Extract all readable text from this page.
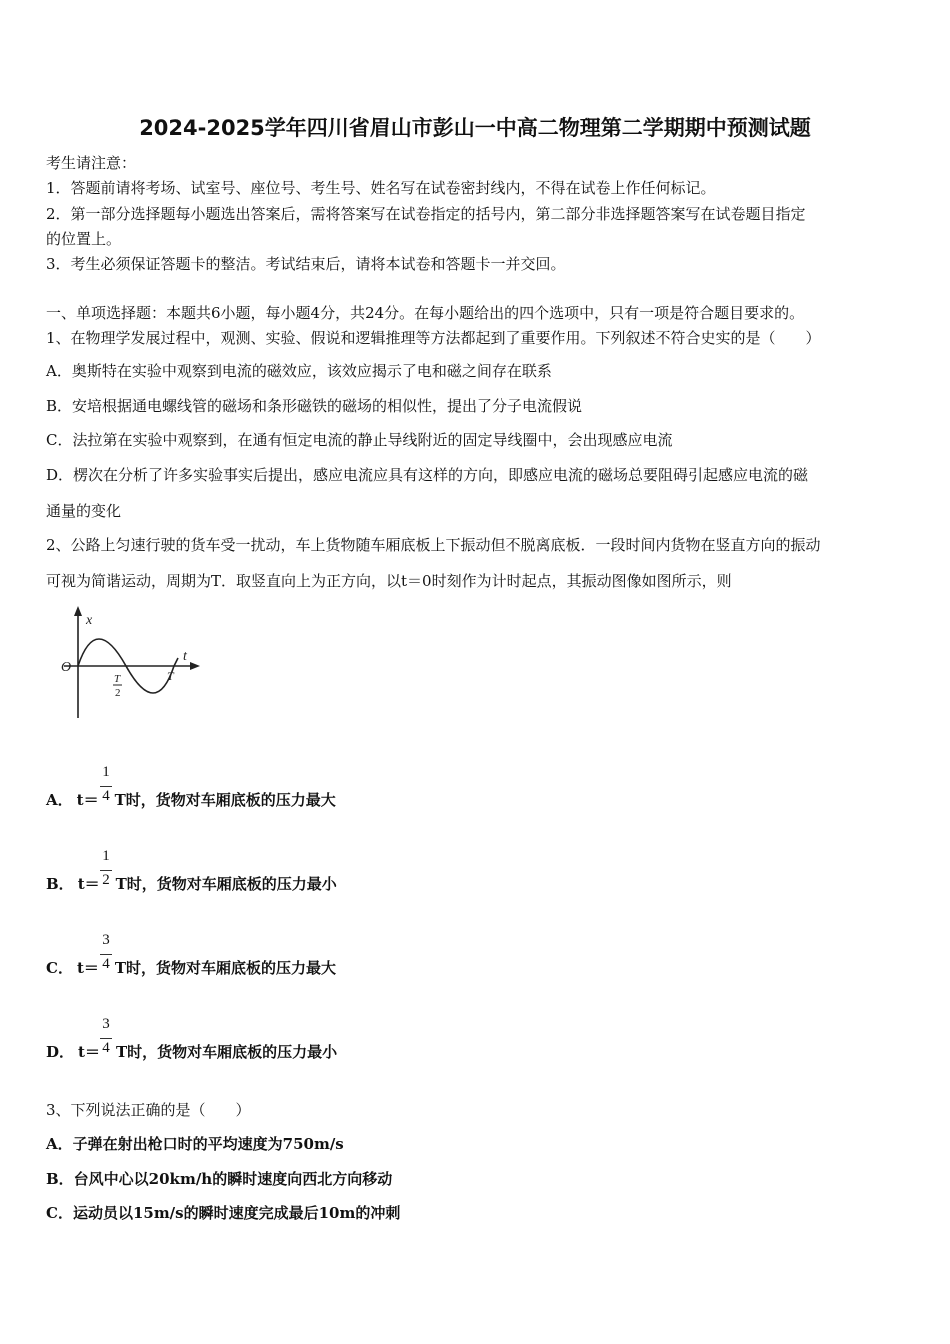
2024-2025学年四川省眉山市彭山一中高二物理第二学期期中预测试题
考生请注意：
1．答题前请将考场、试室号、座位号、考生号、姓名写在试卷密封线内，不得在试卷上作任何标记。
2．第一部分选择题每小题选出答案后，需将答案写在试卷指定的括号内，第二部分非选择题答案写在试卷题目指定
的位置上。
3．考生必须保证答题卡的整洁。考试结束后，请将本试卷和答题卡一并交回。
一、单项选择题：本题共6小题，每小题4分，共24分。在每小题给出的四个选项中，只有一项是符合题目要求的。
1、在物理学发展过程中，观测、实验、假说和逻辑推理等方法都起到了重要作用。下列叙述不符合史实的是（　　）
A．奥斯特在实验中观察到电流的磁效应，该效应揭示了电和磁之间存在联系
B．安培根据通电螺线管的磁场和条形磁铁的磁场的相似性，提出了分子电流假说
C．法拉第在实验中观察到，在通有恒定电流的静止导线附近的固定导线圈中，会出现感应电流
D．楞次在分析了许多实验事实后提出，感应电流应具有这样的方向，即感应电流的磁场总要阻碍引起感应电流的磁
通量的变化
2、公路上匀速行驶的货车受一扰动，车上货物随车厢底板上下振动但不脱离底板．一段时间内货物在竖直方向的振动
可视为简谐运动，周期为T．取竖直向上为正方向，以t＝0时刻作为计时起点，其振动图像如图所示，则
x
t
O
T
2
T
A． t＝ T时，货物对车厢底板的压力最大
1
4
B． t＝ T时，货物对车厢底板的压力最小
1
2
C． t＝ T时，货物对车厢底板的压力最大
3
4
D． t＝ T时，货物对车厢底板的压力最小
3
4
3、下列说法正确的是（　　）
A．子弹在射出枪口时的平均速度为750m/s
B．台风中心以20km/h的瞬时速度向西北方向移动
C．运动员以15m/s的瞬时速度完成最后10m的冲刺
